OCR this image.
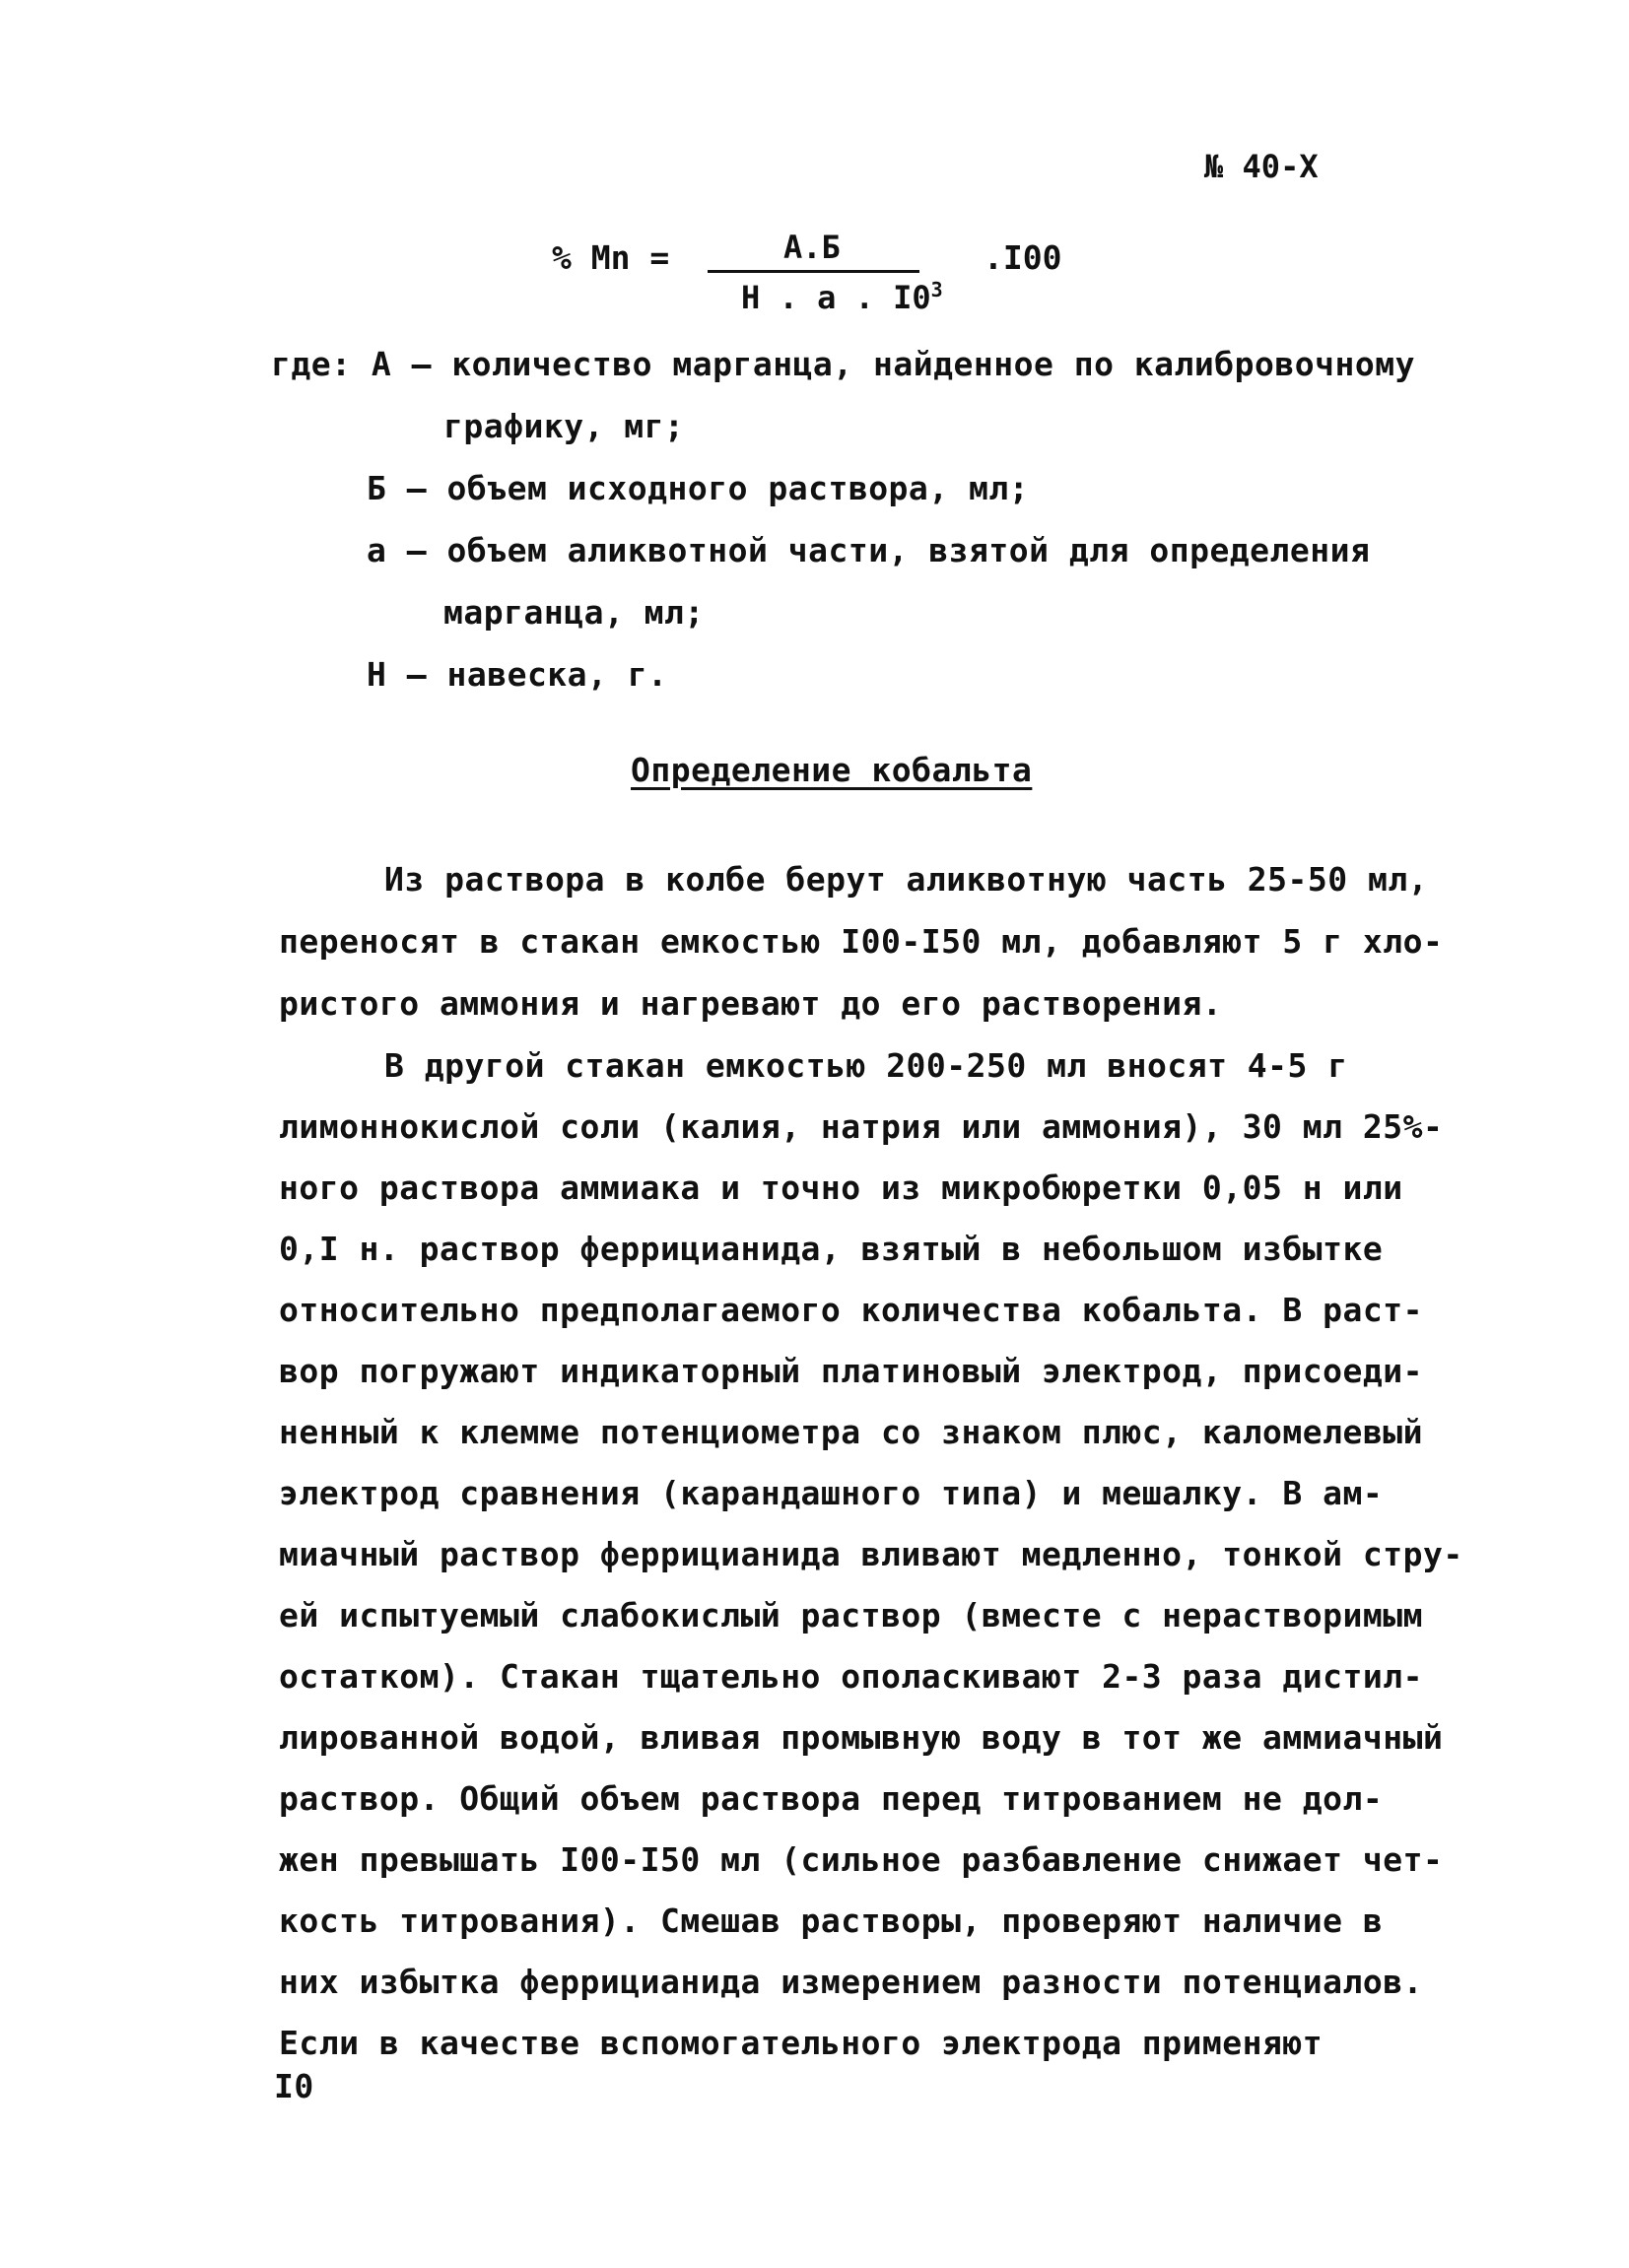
№ 40-X
% Mn =	А.Б
Н . а . $I0^3$
.I00
где: А – количество марганца, найденное по калибровочному
графику, мг;
Б – объем исходного раствора, мл;
а – объем аликвотной части, взятой для определения
марганца, мл;
Н – навеска, г.
Определение кобальта
Из раствора в колбе берут аликвотную часть 25-50 мл,
переносят в стакан емкостью I00-I50 мл, добавляют 5 г хло-
ристого аммония и нагревают до его растворения.
В другой стакан емкостью 200-250 мл вносят 4-5 г
лимоннокислой соли (калия, натрия или аммония), 30 мл 25%-
ного раствора аммиака и точно из микробюретки 0,05 н или
0,I н. раствор феррицианида, взятый в небольшом избытке
относительно предполагаемого количества кобальта. В раст-
вор погружают индикаторный платиновый электрод, присоеди-
ненный к клемме потенциометра со знаком плюс, каломелевый
электрод сравнения (карандашного типа) и мешалку. В ам-
миачный раствор феррицианида вливают медленно, тонкой стру-
ей испытуемый слабокислый раствор (вместе с нерастворимым
остатком). Стакан тщательно ополаскивают 2-3 раза дистил-
лированной водой, вливая промывную воду в тот же аммиачный
раствор. Общий объем раствора перед титрованием не дол-
жен превышать I00-I50 мл (сильное разбавление снижает чет-
кость титрования). Смешав растворы, проверяют наличие в
них избытка феррицианида измерением разности потенциалов.
Если в качестве вспомогательного электрода применяют
I0
